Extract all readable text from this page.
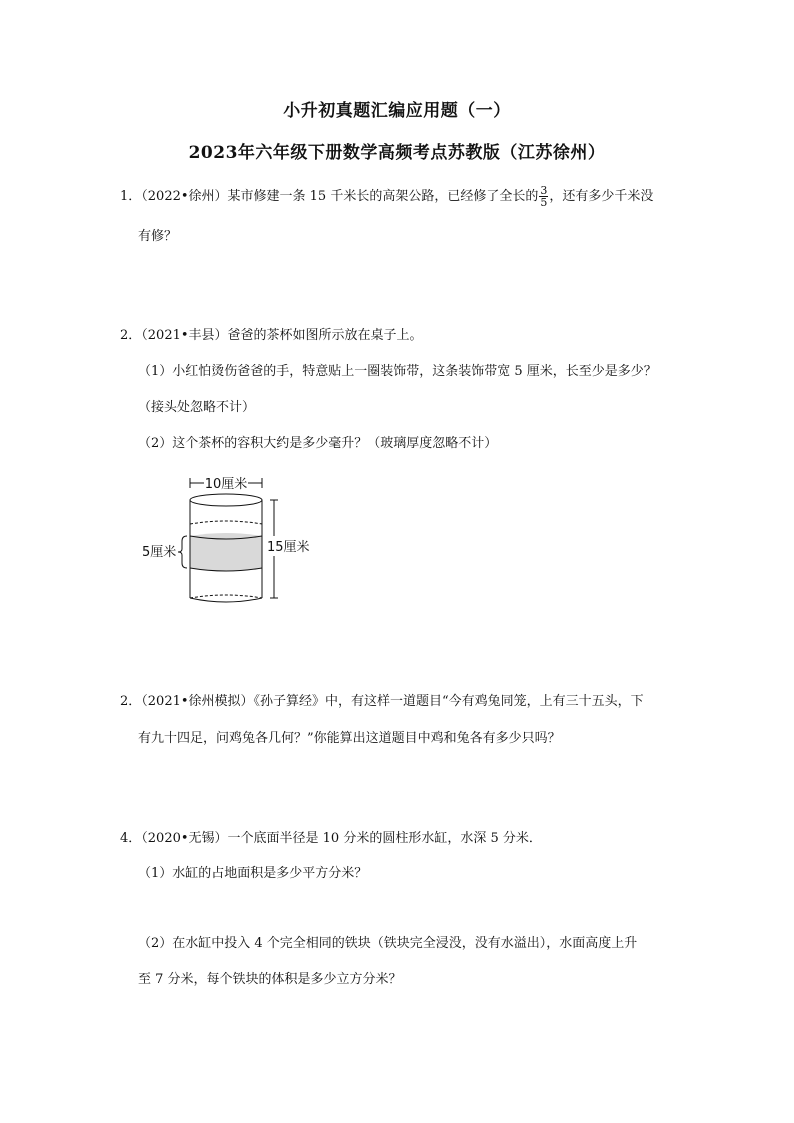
小升初真题汇编应用题（一）
2023年六年级下册数学高频考点苏教版（江苏徐州）
1．（2022•徐州）某市修建一条 15 千米长的高架公路，已经修了全长的 $\frac{3}{5}$ ，还有多少千米没
有修？
2．（2021•丰县）爸爸的茶杯如图所示放在桌子上。
（1）小红怕烫伤爸爸的手，特意贴上一圈装饰带，这条装饰带宽 5 厘米，长至少是多少？
（接头处忽略不计）
（2）这个茶杯的容积大约是多少毫升？（玻璃厚度忽略不计）
10厘米
15厘米
5厘米
2．（2021•徐州模拟）《孙子算经》中，有这样一道题目“今有鸡兔同笼，上有三十五头，下
有九十四足，问鸡兔各几何？”你能算出这道题目中鸡和兔各有多少只吗？
4．（2020•无锡）一个底面半径是 10 分米的圆柱形水缸，水深 5 分米．
（1）水缸的占地面积是多少平方分米？
（2）在水缸中投入 4 个完全相同的铁块（铁块完全浸没，没有水溢出），水面高度上升
至 7 分米，每个铁块的体积是多少立方分米？
